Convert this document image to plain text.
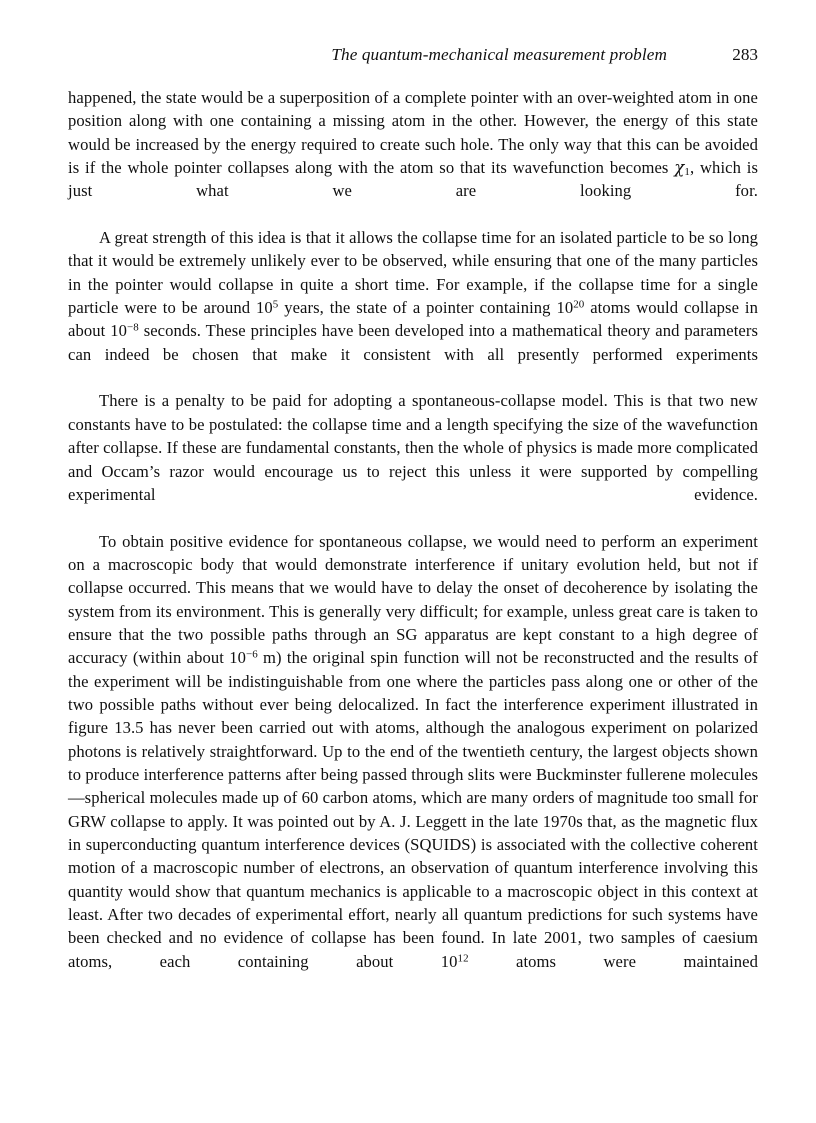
The quantum-mechanical measurement problem	283

happened, the state would be a superposition of a complete pointer with an over-weighted atom in one position along with one containing a missing atom in the other. However, the energy of this state would be increased by the energy required to create such hole. The only way that this can be avoided is if the whole pointer collapses along with the atom so that its wavefunction becomes $\chi_1$, which is just what we are looking for.

A great strength of this idea is that it allows the collapse time for an isolated particle to be so long that it would be extremely unlikely ever to be observed, while ensuring that one of the many particles in the pointer would collapse in quite a short time. For example, if the collapse time for a single particle were to be around $10^5$ years, the state of a pointer containing $10^{20}$ atoms would collapse in about $10^{-8}$ seconds. These principles have been developed into a mathematical theory and parameters can indeed be chosen that make it consistent with all presently performed experiments

There is a penalty to be paid for adopting a spontaneous-collapse model. This is that two new constants have to be postulated: the collapse time and a length specifying the size of the wavefunction after collapse. If these are fundamental constants, then the whole of physics is made more complicated and Occam’s razor would encourage us to reject this unless it were supported by compelling experimental evidence.

To obtain positive evidence for spontaneous collapse, we would need to perform an experiment on a macroscopic body that would demonstrate interference if unitary evolution held, but not if collapse occurred. This means that we would have to delay the onset of decoherence by isolating the system from its environment. This is generally very difficult; for example, unless great care is taken to ensure that the two possible paths through an SG apparatus are kept constant to a high degree of accuracy (within about $10^{-6}$ m) the original spin function will not be reconstructed and the results of the experiment will be indistinguishable from one where the particles pass along one or other of the two possible paths without ever being delocalized. In fact the interference experiment illustrated in figure 13.5 has never been carried out with atoms, although the analogous experiment on polarized photons is relatively straightforward. Up to the end of the twentieth century, the largest objects shown to produce interference patterns after being passed through slits were Buckminster fullerene molecules—spherical molecules made up of 60 carbon atoms, which are many orders of magnitude too small for GRW collapse to apply. It was pointed out by A. J. Leggett in the late 1970s that, as the magnetic flux in superconducting quantum interference devices (SQUIDS) is associated with the collective coherent motion of a macroscopic number of electrons, an observation of quantum interference involving this quantity would show that quantum mechanics is applicable to a macroscopic object in this context at least. After two decades of experimental effort, nearly all quantum predictions for such systems have been checked and no evidence of collapse has been found. In late 2001, two samples of caesium atoms, each containing about $10^{12}$ atoms were maintained
